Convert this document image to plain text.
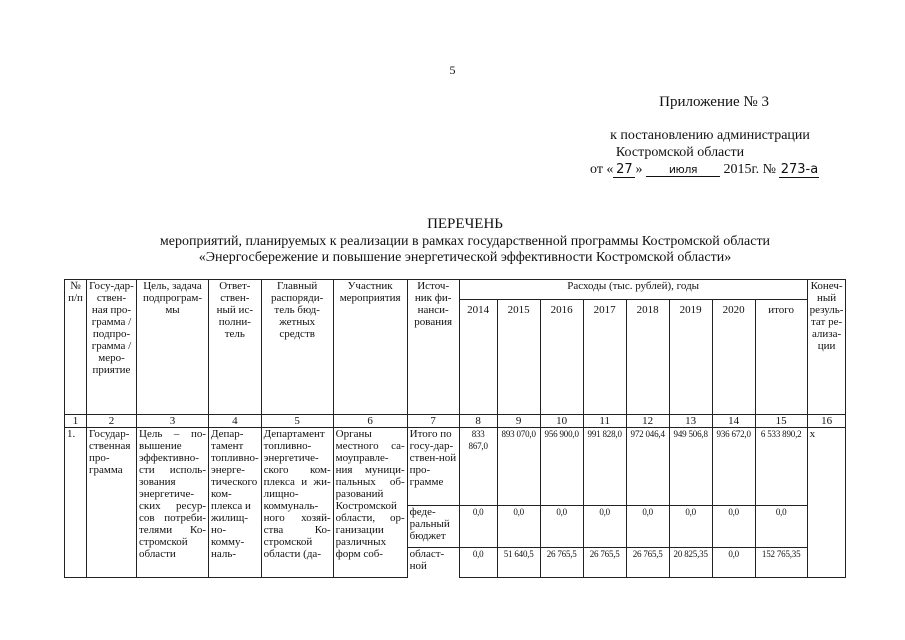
5
Приложение № 3
к постановлению администрации
Костромской области
от « 27 » июля 2015г. № 273-а
ПЕРЕЧЕНЬ
мероприятий, планируемых к реализации в рамках государственной программы Костромской области
«Энергосбережение и повышение энергетической эффективности Костромской области»
№ п/п	Госу-дар-ствен-ная про-грамма /подпро-грамма / меро-приятие	Цель, задача подпрограм-мы	Ответ-ствен-ный ис-полни-тель	Главный распоряди-тель бюд-жетных средств	Участник мероприятия	Источ-ник фи-нанси-рования	Расходы (тыс. рублей), годы								Конеч-ный резуль-тат ре-ализа-ции
							2014	2015	2016	2017	2018	2019	2020	итого	
1	2	3	4	5	6	7	8	9	10	11	12	13	14	15	16
1.	Государ-ственная про-грамма	Цель – по-вышение эффективно-сти исполь-зования энергетиче-ских ресур-сов потреби-телями Ко-стромской области	Депар-тамент топливно-энерге-тического ком-плекса и жилищ-но-комму-наль-	Департамент топливно-энергетиче-ского ком-плекса и жи-лищно-коммуналь-ного хозяй-ства Ко-стромской области (да-	Органы местного са-моуправле-ния муници-пальных об-разований Костромской области, ор-ганизации различных форм соб-	Итого по госу-дар-ствен-ной про-грамме	833 867,0	893 070,0	956 900,0	991 828,0	972 046,4	949 506,8	936 672,0	6 533 890,2	х
						феде-ральный бюджет	0,0	0,0	0,0	0,0	0,0	0,0	0,0	0,0	
						област-ной	0,0	51 640,5	26 765,5	26 765,5	26 765,5	20 825,35	0,0	152 765,35	
